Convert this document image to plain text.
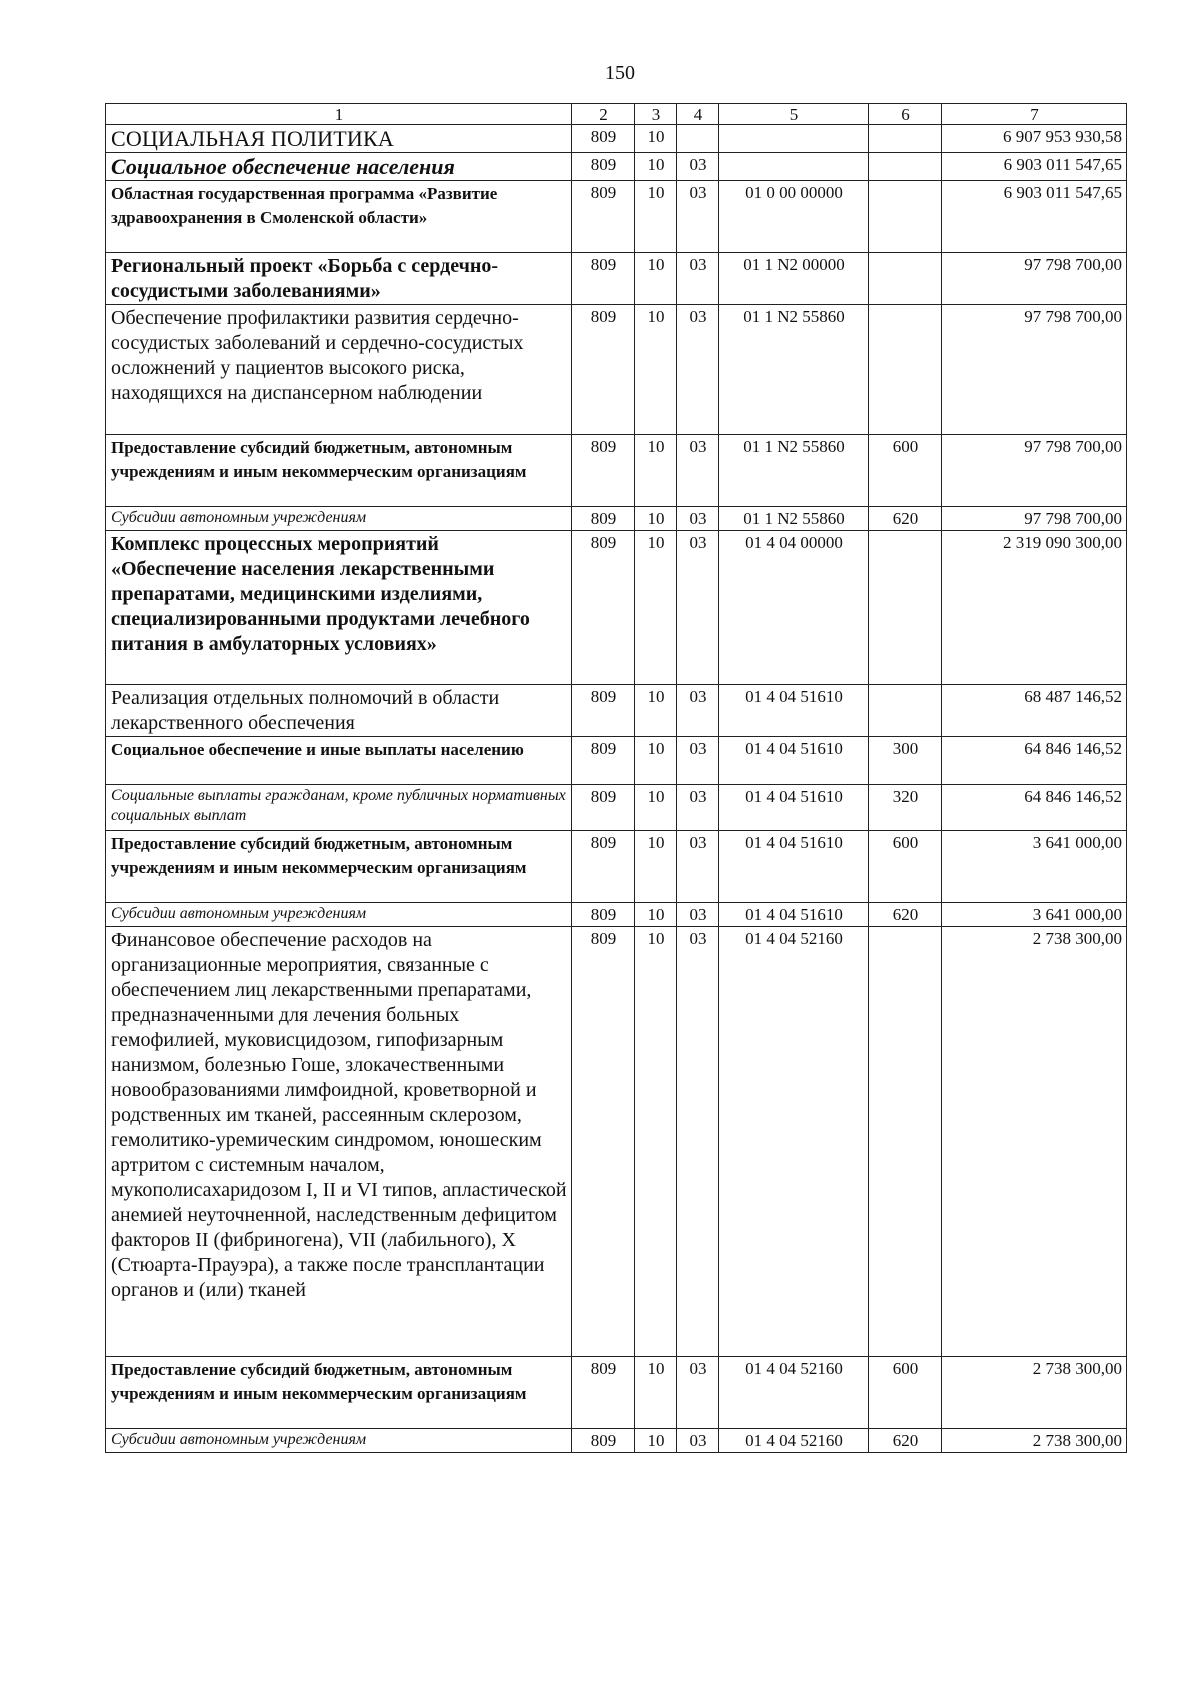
150
1	2	3	4	5	6	7
СОЦИАЛЬНАЯ ПОЛИТИКА	809	10				6 907 953 930,58
Социальное обеспечение населения	809	10	03			6 903 011 547,65
Областная государственная программа «Развитие здравоохранения в Смоленской области»	809	10	03	01 0 00 00000		6 903 011 547,65
Региональный проект «Борьба с сердечно-сосудистыми заболеваниями»	809	10	03	01 1 N2 00000		97 798 700,00
Обеспечение профилактики развития сердечно-сосудистых заболеваний и сердечно-сосудистых осложнений у пациентов высокого риска, находящихся на диспансерном наблюдении	809	10	03	01 1 N2 55860		97 798 700,00
Предоставление субсидий бюджетным, автономным учреждениям и иным некоммерческим организациям	809	10	03	01 1 N2 55860	600	97 798 700,00
Субсидии автономным учреждениям	809	10	03	01 1 N2 55860	620	97 798 700,00
Комплекс процессных мероприятий «Обеспечение населения лекарственными препаратами, медицинскими изделиями, специализированными продуктами лечебного питания в амбулаторных условиях»	809	10	03	01 4 04 00000		2 319 090 300,00
Реализация отдельных полномочий в области лекарственного обеспечения	809	10	03	01 4 04 51610		68 487 146,52
Социальное обеспечение и иные выплаты населению	809	10	03	01 4 04 51610	300	64 846 146,52
Социальные выплаты гражданам, кроме публичных нормативных социальных выплат	809	10	03	01 4 04 51610	320	64 846 146,52
Предоставление субсидий бюджетным, автономным учреждениям и иным некоммерческим организациям	809	10	03	01 4 04 51610	600	3 641 000,00
Субсидии автономным учреждениям	809	10	03	01 4 04 51610	620	3 641 000,00
Финансовое обеспечение расходов на организационные мероприятия, связанные с обеспечением лиц лекарственными препаратами, предназначенными для лечения больных гемофилией, муковисцидозом, гипофизарным нанизмом, болезнью Гоше, злокачественными новообразованиями лимфоидной, кроветворной и родственных им тканей, рассеянным склерозом, гемолитико-уремическим синдромом, юношеским артритом с системным началом, мукополисахаридозом I, II и VI типов, апластической анемией неуточненной, наследственным дефицитом факторов II (фибриногена), VII (лабильного), X (Стюарта-Прауэра), а также после трансплантации органов и (или) тканей	809	10	03	01 4 04 52160		2 738 300,00
Предоставление субсидий бюджетным, автономным учреждениям и иным некоммерческим организациям	809	10	03	01 4 04 52160	600	2 738 300,00
Субсидии автономным учреждениям	809	10	03	01 4 04 52160	620	2 738 300,00
